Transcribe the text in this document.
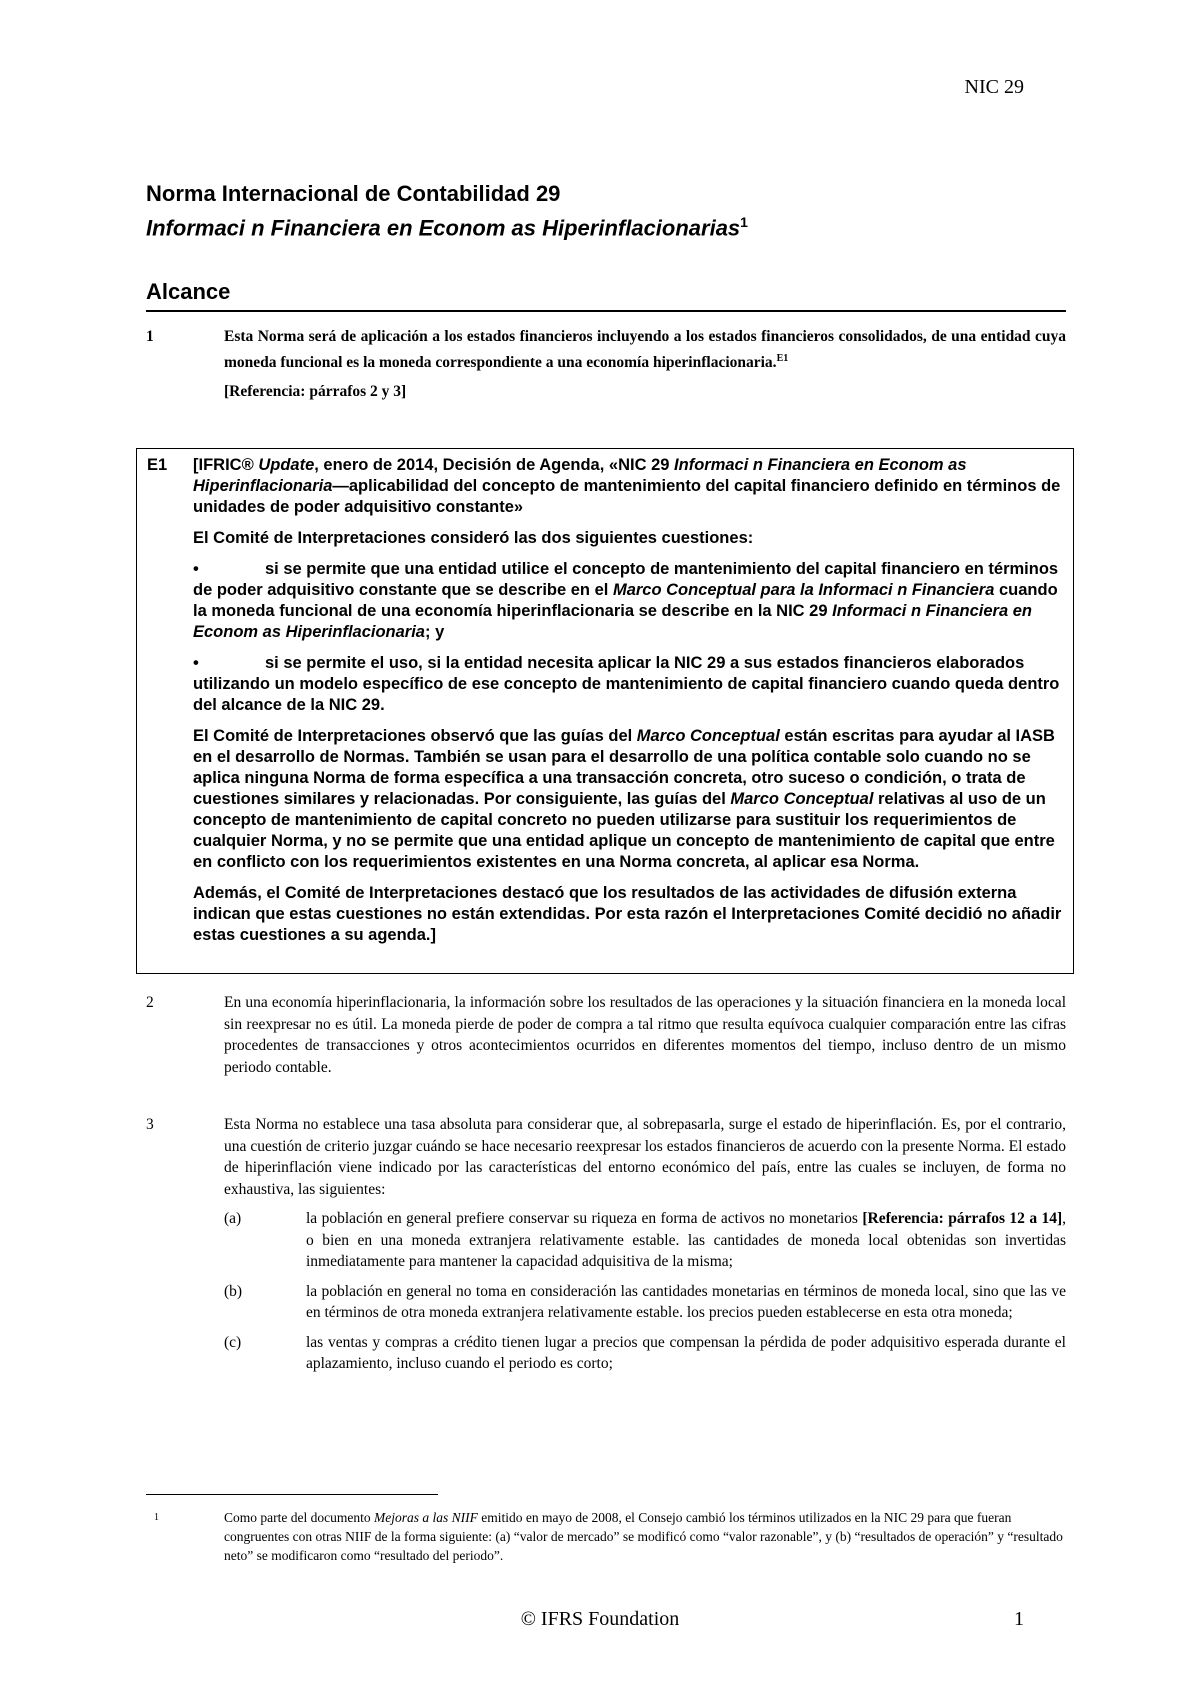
NIC 29

Norma Internacional de Contabilidad 29

Informaci n Financiera en Econom as Hiperinflacionarias$^1$

Alcance
1	Esta Norma será de aplicación a los estados financieros incluyendo a los estados financieros consolidados, de una entidad cuya moneda funcional es la moneda correspondiente a una economía hiperinflacionaria.$^{E1}$

[Referencia: párrafos 2 y 3]

E1 [IFRIC® Update, enero de 2014, Decisión de Agenda, «NIC 29 Informaci n Financiera en Econom as Hiperinflacionaria—aplicabilidad del concepto de mantenimiento del capital financiero definido en términos de unidades de poder adquisitivo constante»

El Comité de Interpretaciones consideró las dos siguientes cuestiones:

•	si se permite que una entidad utilice el concepto de mantenimiento del capital financiero en términos de poder adquisitivo constante que se describe en el Marco Conceptual para la Informaci n Financiera cuando la moneda funcional de una economía hiperinflacionaria se describe en la NIC 29 Informaci n Financiera en Econom as Hiperinflacionaria; y

•	si se permite el uso, si la entidad necesita aplicar la NIC 29 a sus estados financieros elaborados utilizando un modelo específico de ese concepto de mantenimiento de capital financiero cuando queda dentro del alcance de la NIC 29.

El Comité de Interpretaciones observó que las guías del Marco Conceptual están escritas para ayudar al IASB en el desarrollo de Normas. También se usan para el desarrollo de una política contable solo cuando no se aplica ninguna Norma de forma específica a una transacción concreta, otro suceso o condición, o trata de cuestiones similares y relacionadas. Por consiguiente, las guías del Marco Conceptual relativas al uso de un concepto de mantenimiento de capital concreto no pueden utilizarse para sustituir los requerimientos de cualquier Norma, y no se permite que una entidad aplique un concepto de mantenimiento de capital que entre en conflicto con los requerimientos existentes en una Norma concreta, al aplicar esa Norma.

Además, el Comité de Interpretaciones destacó que los resultados de las actividades de difusión externa indican que estas cuestiones no están extendidas. Por esta razón el Interpretaciones Comité decidió no añadir estas cuestiones a su agenda.]

2	En una economía hiperinflacionaria, la información sobre los resultados de las operaciones y la situación financiera en la moneda local sin reexpresar no es útil. La moneda pierde de poder de compra a tal ritmo que resulta equívoca cualquier comparación entre las cifras procedentes de transacciones y otros acontecimientos ocurridos en diferentes momentos del tiempo, incluso dentro de un mismo periodo contable.

3	Esta Norma no establece una tasa absoluta para considerar que, al sobrepasarla, surge el estado de hiperinflación. Es, por el contrario, una cuestión de criterio juzgar cuándo se hace necesario reexpresar los estados financieros de acuerdo con la presente Norma. El estado de hiperinflación viene indicado por las características del entorno económico del país, entre las cuales se incluyen, de forma no exhaustiva, las siguientes:

(a)	la población en general prefiere conservar su riqueza en forma de activos no monetarios [Referencia: párrafos 12 a 14], o bien en una moneda extranjera relativamente estable. las cantidades de moneda local obtenidas son invertidas inmediatamente para mantener la capacidad adquisitiva de la misma;
(b)	la población en general no toma en consideración las cantidades monetarias en términos de moneda local, sino que las ve en términos de otra moneda extranjera relativamente estable. los precios pueden establecerse en esta otra moneda;
(c)	las ventas y compras a crédito tienen lugar a precios que compensan la pérdida de poder adquisitivo esperada durante el aplazamiento, incluso cuando el periodo es corto;
1	Como parte del documento Mejoras a las NIIF emitido en mayo de 2008, el Consejo cambió los términos utilizados en la NIC 29 para que fueran congruentes con otras NIIF de la forma siguiente: (a) “valor de mercado” se modificó como “valor razonable”, y (b) “resultados de operación” y “resultado neto” se modificaron como “resultado del periodo”.
© IFRS Foundation	1
